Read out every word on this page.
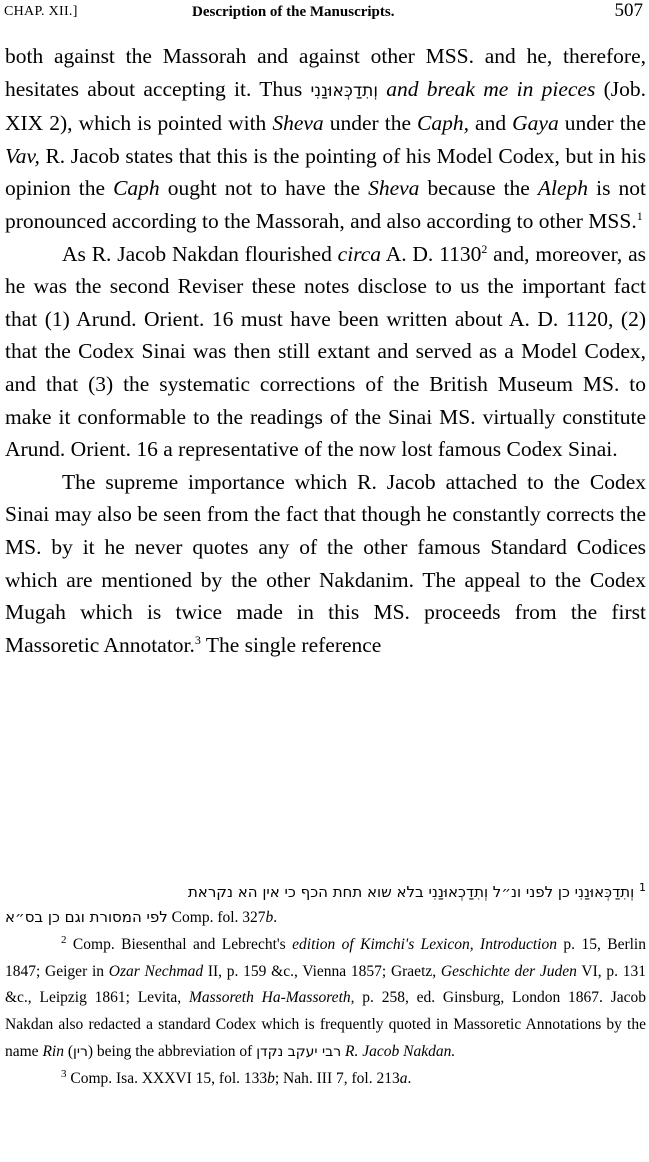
CHAP. XII.]	Description of the Manuscripts.	507

both against the Massorah and against other MSS. and he, therefore, hesitates about accepting it. Thus וְתִדַכְּאוּנַנִי and break me in pieces (Job. XIX 2), which is pointed with Sheva under the Caph, and Gaya under the Vav, R. Jacob states that this is the pointing of his Model Codex, but in his opinion the Caph ought not to have the Sheva because the Aleph is not pronounced according to the Massorah, and also according to other MSS.$^1$

As R. Jacob Nakdan flourished circa A. D. 1130$^2$ and, moreover, as he was the second Reviser these notes disclose to us the important fact that (1) Arund. Orient. 16 must have been written about A. D. 1120, (2) that the Codex Sinai was then still extant and served as a Model Codex, and that (3) the systematic corrections of the British Museum MS. to make it conformable to the readings of the Sinai MS. virtually constitute Arund. Orient. 16 a representative of the now lost famous Codex Sinai.

The supreme importance which R. Jacob attached to the Codex Sinai may also be seen from the fact that though he constantly corrects the MS. by it he never quotes any of the other famous Standard Codices which are mentioned by the other Nakdanim. The appeal to the Codex Mugah which is twice made in this MS. proceeds from the first Massoretic Annotator.$^3$ The single reference

$^1$ וְתִדַכְּאוּנַנִי כן לפני ונ״ל וְתִדַכְאוּנַנִי בלא שוא תחת הכף כי אין הא נקראת

לפי המסורת וגם כן בס״א Comp. fol. 327b.

$^2$ Comp. Biesenthal and Lebrecht's edition of Kimchi's Lexicon, Introduction p. 15, Berlin 1847; Geiger in Ozar Nechmad II, p. 159 &c., Vienna 1857; Graetz, Geschichte der Juden VI, p. 131 &c., Leipzig 1861; Levita, Massoreth Ha-Massoreth, p. 258, ed. Ginsburg, London 1867. Jacob Nakdan also redacted a standard Codex which is frequently quoted in Massoretic Annotations by the name Rin (רין) being the abbreviation of רבי יעקב נקדן R. Jacob Nakdan.

$^3$ Comp. Isa. XXXVI 15, fol. 133b; Nah. III 7, fol. 213a.
